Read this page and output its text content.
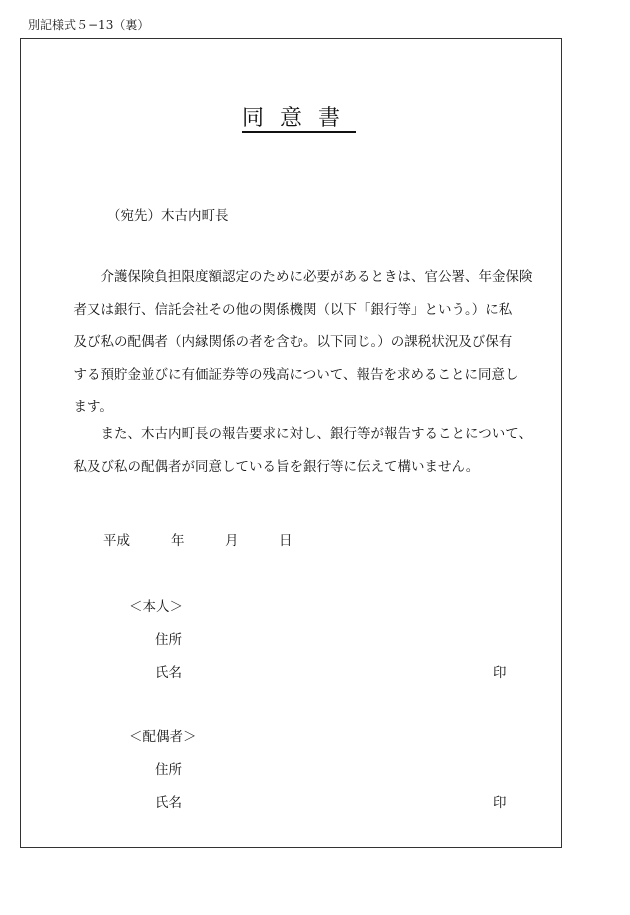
別記様式５−13（裏）
同意書
（宛先）木古内町長

介護保険負担限度額認定のために必要があるときは、官公署、年金保険
者又は銀行、信託会社その他の関係機関（以下「銀行等」という。）に私
及び私の配偶者（内縁関係の者を含む。以下同じ。）の課税状況及び保有
する預貯金並びに有価証券等の残高について、報告を求めることに同意し
ます。

また、木古内町長の報告要求に対し、銀行等が報告することについて、
私及び私の配偶者が同意している旨を銀行等に伝えて構いません。

平成	年	月	日
＜本人＞
住所
氏名	印
＜配偶者＞
住所
氏名	印
